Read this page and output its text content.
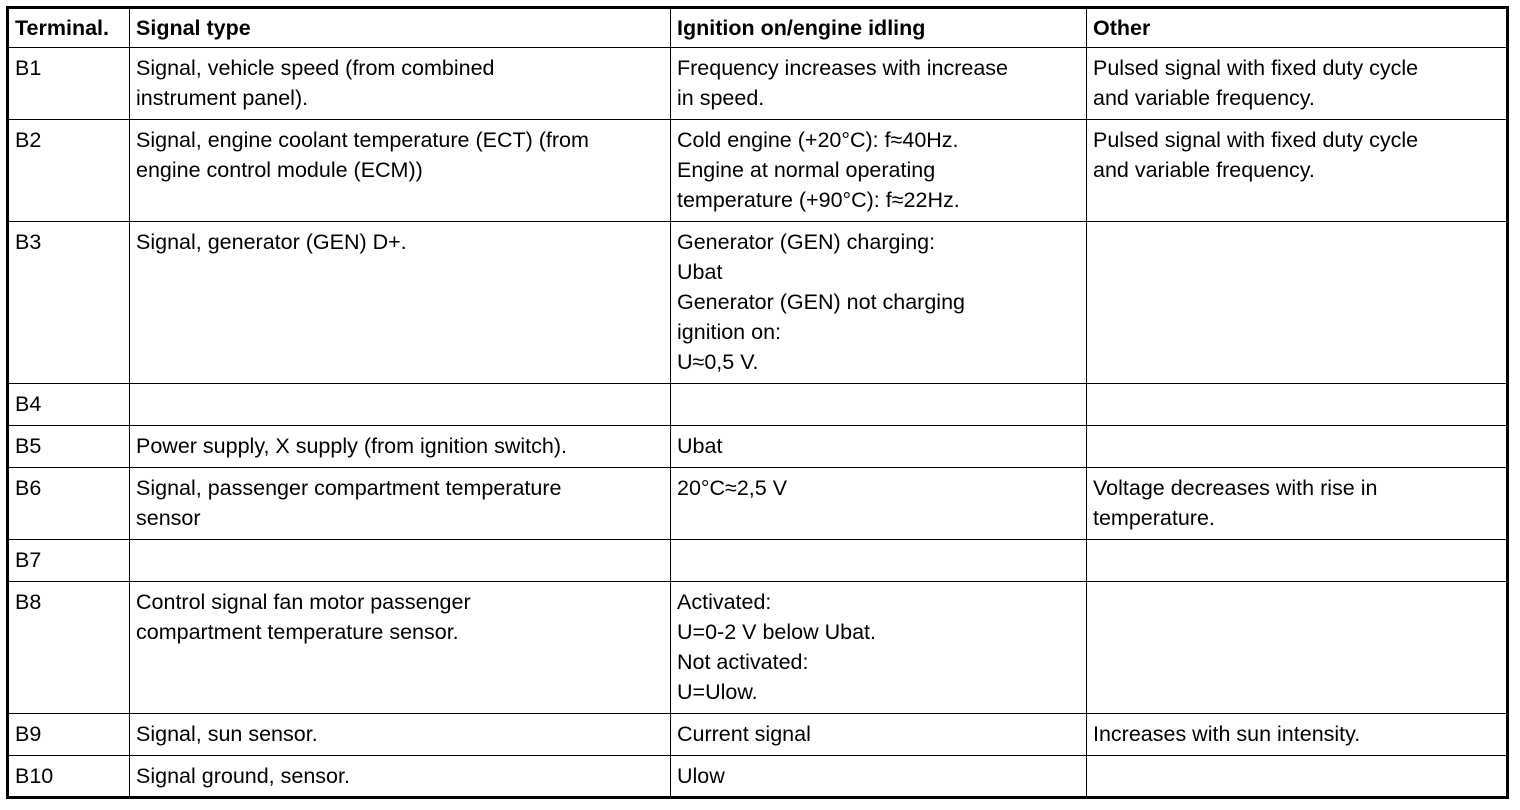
Terminal.	Signal type	Ignition on/engine idling	Other
B1	Signal, vehicle speed (from combined
instrument panel).	Frequency increases with increase
in speed.	Pulsed signal with fixed duty cycle
and variable frequency.

B2	Signal, engine coolant temperature (ECT) (from
engine control module (ECM))	Cold engine (+20°C): f≈40Hz.
Engine at normal operating
temperature (+90°C): f≈22Hz.	Pulsed signal with fixed duty cycle
and variable frequency.

B3	Signal, generator (GEN) D+.	Generator (GEN) charging:
Ubat
Generator (GEN) not charging
ignition on:
U≈0,5 V.	

B4			
B5	Power supply, X supply (from ignition switch).	Ubat	

B6	Signal, passenger compartment temperature
sensor	20°C≈2,5 V	Voltage decreases with rise in
temperature.

B7			
B8	Control signal fan motor passenger
compartment temperature sensor.	Activated:
U=0-2 V below Ubat.
Not activated:
U=Ulow.	

B9	Signal, sun sensor.	Current signal	Increases with sun intensity.

B10	Signal ground, sensor.	Ulow	
